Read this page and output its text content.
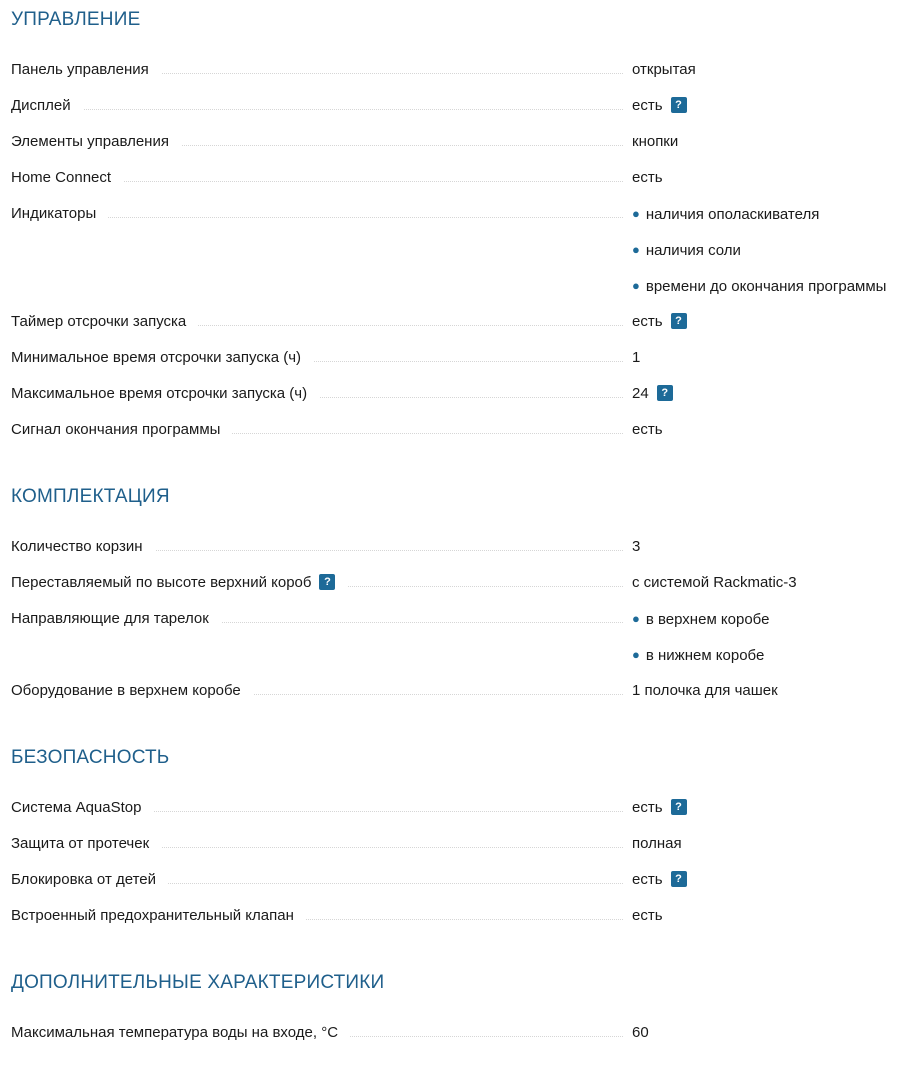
УПРАВЛЕНИЕ
Панель управления	открытая
Дисплей	есть ?
Элементы управления	кнопки
Home Connect	есть
Индикаторы	● наличия ополаскивателя
● наличия соли
● времени до окончания программы
Таймер отсрочки запуска	есть ?
Минимальное время отсрочки запуска (ч)	1
Максимальное время отсрочки запуска (ч)	24 ?
Сигнал окончания программы	есть
КОМПЛЕКТАЦИЯ
Количество корзин	3
Переставляемый по высоте верхний короб ?	с системой Rackmatic-3
Направляющие для тарелок	● в верхнем коробе
● в нижнем коробе
Оборудование в верхнем коробе	1 полочка для чашек
БЕЗОПАСНОСТЬ
Система AquaStop	есть ?
Защита от протечек	полная
Блокировка от детей	есть ?
Встроенный предохранительный клапан	есть
ДОПОЛНИТЕЛЬНЫЕ ХАРАКТЕРИСТИКИ
Максимальная температура воды на входе, °C	60
